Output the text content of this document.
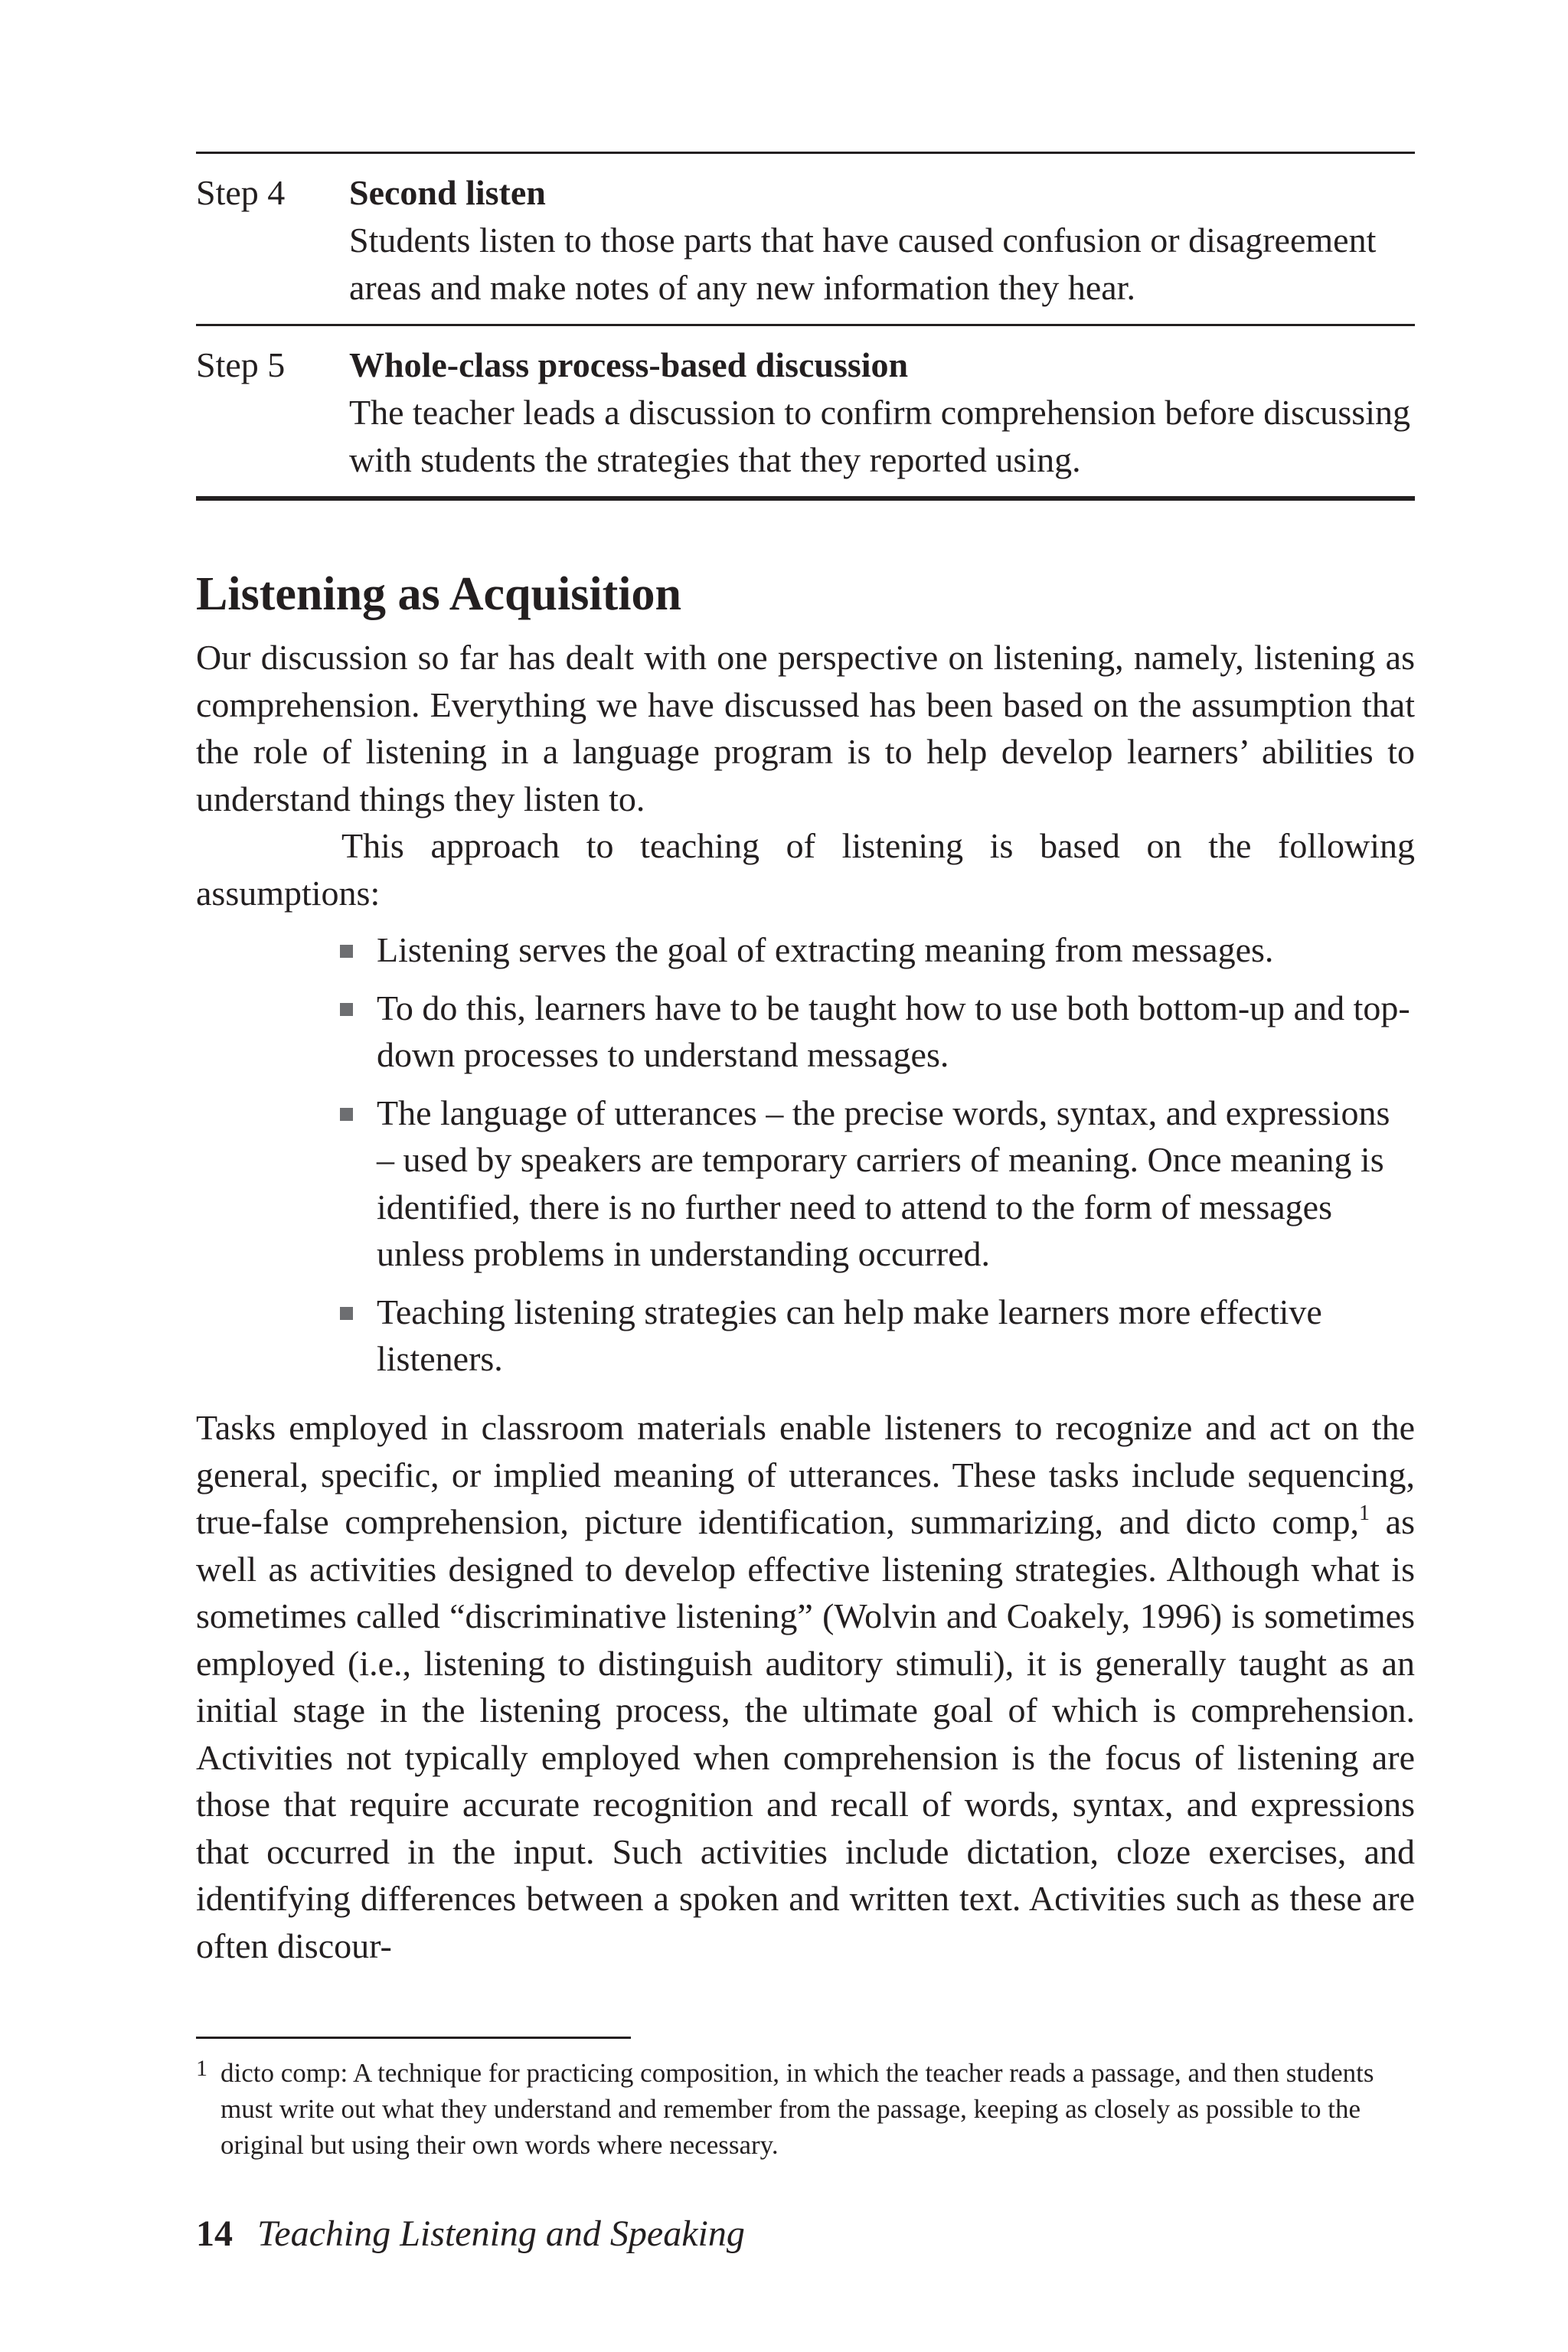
Step 4 Second listen
Students listen to those parts that have caused confusion or disagreement areas and make notes of any new information they hear.
Step 5 Whole-class process-based discussion
The teacher leads a discussion to confirm comprehension before discussing with students the strategies that they reported using.
Listening as Acquisition

Our discussion so far has dealt with one perspective on listening, namely, listening as comprehension. Everything we have discussed has been based on the assumption that the role of listening in a language program is to help develop learners’ abilities to understand things they listen to.

This approach to teaching of listening is based on the following assumptions:

Listening serves the goal of extracting meaning from messages.
To do this, learners have to be taught how to use both bottom-up and top-down processes to understand messages.
The language of utterances – the precise words, syntax, and expressions – used by speakers are temporary carriers of meaning. Once meaning is identified, there is no further need to attend to the form of messages unless problems in understanding occurred.
Teaching listening strategies can help make learners more effective listeners.

Tasks employed in classroom materials enable listeners to recognize and act on the general, specific, or implied meaning of utterances. These tasks include sequencing, true-false comprehension, picture identification, summarizing, and dicto comp,$^1$ as well as activities designed to develop effective listening strategies. Although what is sometimes called “discriminative listening” (Wolvin and Coakely, 1996) is sometimes employed (i.e., listening to distinguish auditory stimuli), it is generally taught as an initial stage in the listening process, the ultimate goal of which is comprehension. Activities not typically employed when comprehension is the focus of listening are those that require accurate recognition and recall of words, syntax, and expressions that occurred in the input. Such activities include dictation, cloze exercises, and identifying differences between a spoken and written text. Activities such as these are often discour-

1 dicto comp: A technique for practicing composition, in which the teacher reads a passage, and then students must write out what they understand and remember from the passage, keeping as closely as possible to the original but using their own words where necessary.
14 Teaching Listening and Speaking
